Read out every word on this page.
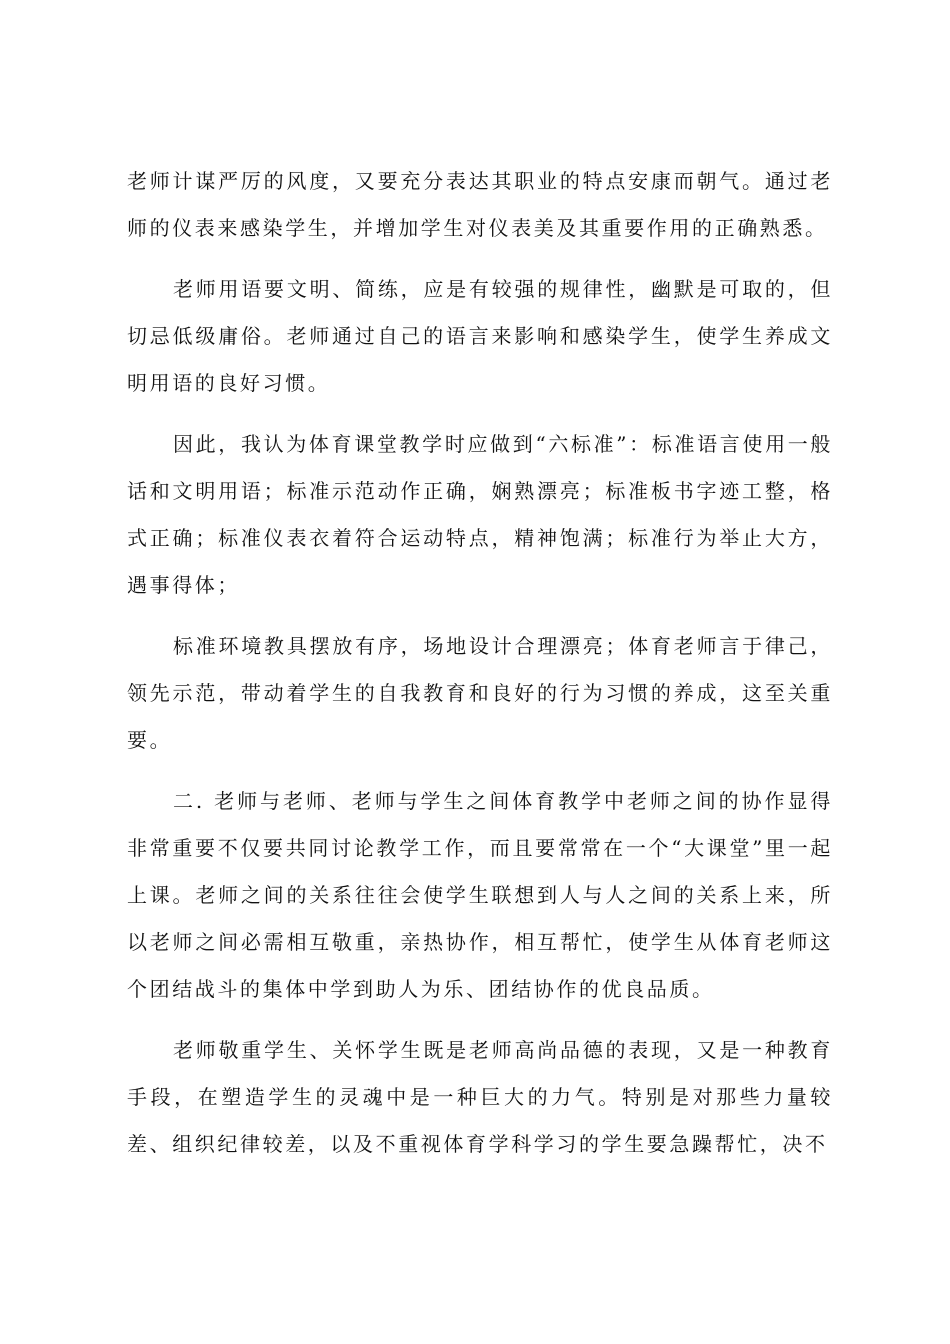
老师计谋严厉的风度，又要充分表达其职业的特点安康而朝气。通过老师的仪表来感染学生，并增加学生对仪表美及其重要作用的正确熟悉。

老师用语要文明、简练，应是有较强的规律性，幽默是可取的，但切忌低级庸俗。老师通过自己的语言来影响和感染学生，使学生养成文明用语的良好习惯。

因此，我认为体育课堂教学时应做到“六标准”：标准语言使用一般话和文明用语；标准示范动作正确，娴熟漂亮；标准板书字迹工整，格式正确；标准仪表衣着符合运动特点，精神饱满；标准行为举止大方，遇事得体；

标准环境教具摆放有序，场地设计合理漂亮；体育老师言于律己，领先示范，带动着学生的自我教育和良好的行为习惯的养成，这至关重要。

二. 老师与老师、老师与学生之间体育教学中老师之间的协作显得非常重要不仅要共同讨论教学工作，而且要常常在一个“大课堂”里一起上课。老师之间的关系往往会使学生联想到人与人之间的关系上来，所以老师之间必需相互敬重，亲热协作，相互帮忙，使学生从体育老师这个团结战斗的集体中学到助人为乐、团结协作的优良品质。

老师敬重学生、关怀学生既是老师高尚品德的表现，又是一种教育手段，在塑造学生的灵魂中是一种巨大的力气。特别是对那些力量较差、组织纪律较差，以及不重视体育学科学习的学生要急躁帮忙，决不
